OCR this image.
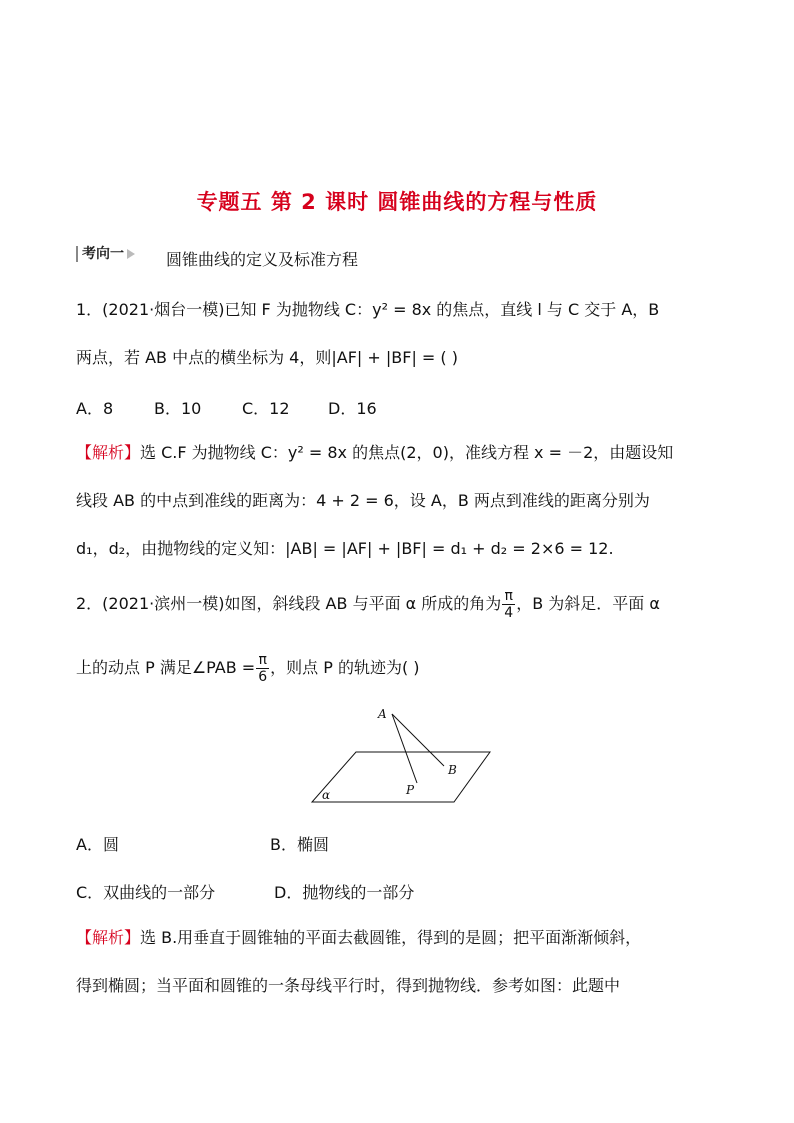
专题五 第 2 课时 圆锥曲线的方程与性质
考向一	圆锥曲线的定义及标准方程
1．(2021·烟台一模)已知 F 为抛物线 C：y² = 8x 的焦点，直线 l 与 C 交于 A，B
两点，若 AB 中点的横坐标为 4，则|AF| + |BF| = ( )
A．8	B．10	C．12 D．16
【解析】选 C.F 为抛物线 C：y² = 8x 的焦点(2，0)，准线方程 x = －2，由题设知
线段 AB 的中点到准线的距离为：4 + 2 = 6，设 A，B 两点到准线的距离分别为
d₁，d₂，由抛物线的定义知：|AB| = |AF| + |BF| = d₁ + d₂ = 2×6 = 12.
2．(2021·滨州一模)如图，斜线段 AB 与平面 α 所成的角为 $\frac{\pi}{4}$ ，B 为斜足．平面 α
上的动点 P 满足∠PAB = $\frac{\pi}{6}$ ，则点 P 的轨迹为( )
A
B
P
α
A．圆	B．椭圆
C．双曲线的一部分	D．抛物线的一部分
【解析】选 B.用垂直于圆锥轴的平面去截圆锥，得到的是圆；把平面渐渐倾斜，
得到椭圆；当平面和圆锥的一条母线平行时，得到抛物线．参考如图：此题中
